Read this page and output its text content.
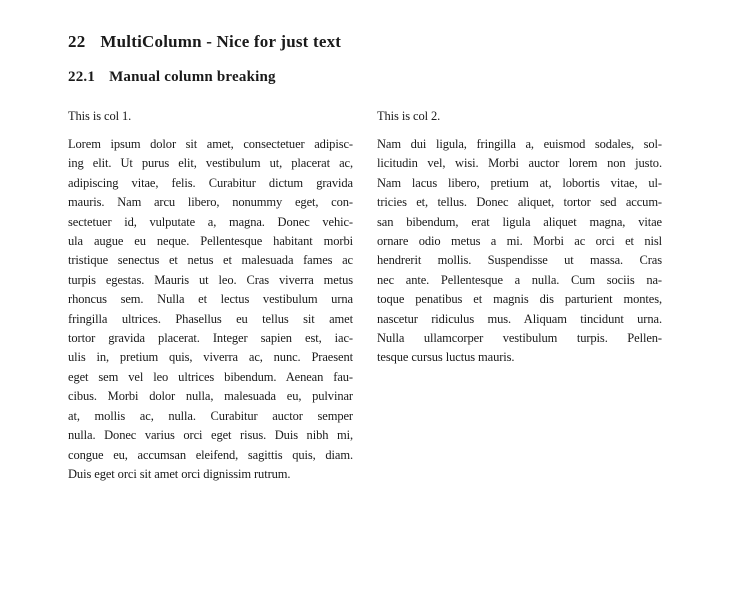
22 MultiColumn - Nice for just text
22.1 Manual column breaking

This is col 1.

Lorem ipsum dolor sit amet, consectetuer adipisc-
ing elit. Ut purus elit, vestibulum ut, placerat ac,
adipiscing vitae, felis. Curabitur dictum gravida
mauris. Nam arcu libero, nonummy eget, con-
sectetuer id, vulputate a, magna. Donec vehic-
ula augue eu neque. Pellentesque habitant morbi
tristique senectus et netus et malesuada fames ac
turpis egestas. Mauris ut leo. Cras viverra metus
rhoncus sem. Nulla et lectus vestibulum urna
fringilla ultrices. Phasellus eu tellus sit amet
tortor gravida placerat. Integer sapien est, iac-
ulis in, pretium quis, viverra ac, nunc. Praesent
eget sem vel leo ultrices bibendum. Aenean fau-
cibus. Morbi dolor nulla, malesuada eu, pulvinar
at, mollis ac, nulla. Curabitur auctor semper
nulla. Donec varius orci eget risus. Duis nibh mi,
congue eu, accumsan eleifend, sagittis quis, diam.
Duis eget orci sit amet orci dignissim rutrum.

This is col 2.

Nam dui ligula, fringilla a, euismod sodales, sol-
licitudin vel, wisi. Morbi auctor lorem non justo.
Nam lacus libero, pretium at, lobortis vitae, ul-
tricies et, tellus. Donec aliquet, tortor sed accum-
san bibendum, erat ligula aliquet magna, vitae
ornare odio metus a mi. Morbi ac orci et nisl
hendrerit mollis. Suspendisse ut massa. Cras
nec ante. Pellentesque a nulla. Cum sociis na-
toque penatibus et magnis dis parturient montes,
nascetur ridiculus mus. Aliquam tincidunt urna.
Nulla ullamcorper vestibulum turpis. Pellen-
tesque cursus luctus mauris.
